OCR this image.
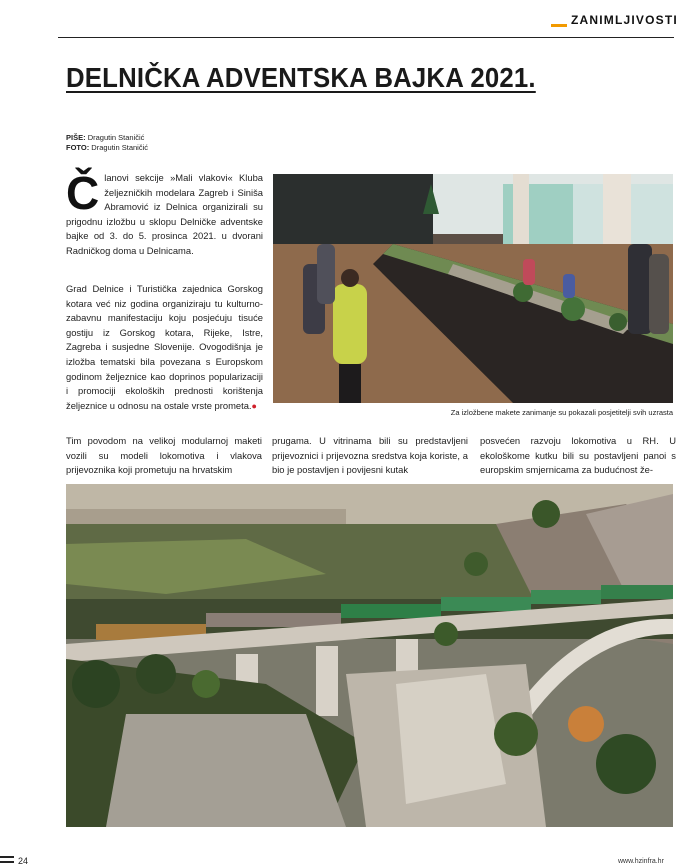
ZANIMLJIVOSTI
DELNIČKA ADVENTSKA BAJKA 2021.
PIŠE: Dragutin Staničić
FOTO: Dragutin Staničić
Članovi sekcije »Mali vlakovi« Kluba željezničkih modelara Zagreb i Siniša Abramović iz Delnica organizirali su prigodnu izložbu u sklopu Delničke adventske bajke od 3. do 5. prosinca 2021. u dvorani Radničkog doma u Delnicama.
Grad Delnice i Turistička zajednica Gorskog kotara već niz godina organiziraju tu kulturno-zabavnu manifestaciju koju posjećuju tisuće gostiju iz Gorskog kotara, Rijeke, Istre, Zagreba i susjedne Slovenije. Ovogodišnja je izložba tematski bila povezana s Europskom godinom željeznice kao doprinos popularizaciji i promociji ekoloških prednosti korištenja željeznice u odnosu na ostale vrste prometa.●
Za izložbene makete zanimanje su pokazali posjetitelji svih uzrasta
Tim povodom na velikoj modularnoj maketi vozili su modeli lokomotiva i vlakova prijevoznika koji prometuju na hrvatskim
prugama. U vitrinama bili su predstavljeni prijevoznici i prijevozna sredstva koja koriste, a bio je postavljen i povijesni kutak
posvećen razvoju lokomotiva u RH. U ekološkome kutku bili su postavljeni panoi s europskim smjernicama za budućnost že-
24	www.hzinfra.hr
